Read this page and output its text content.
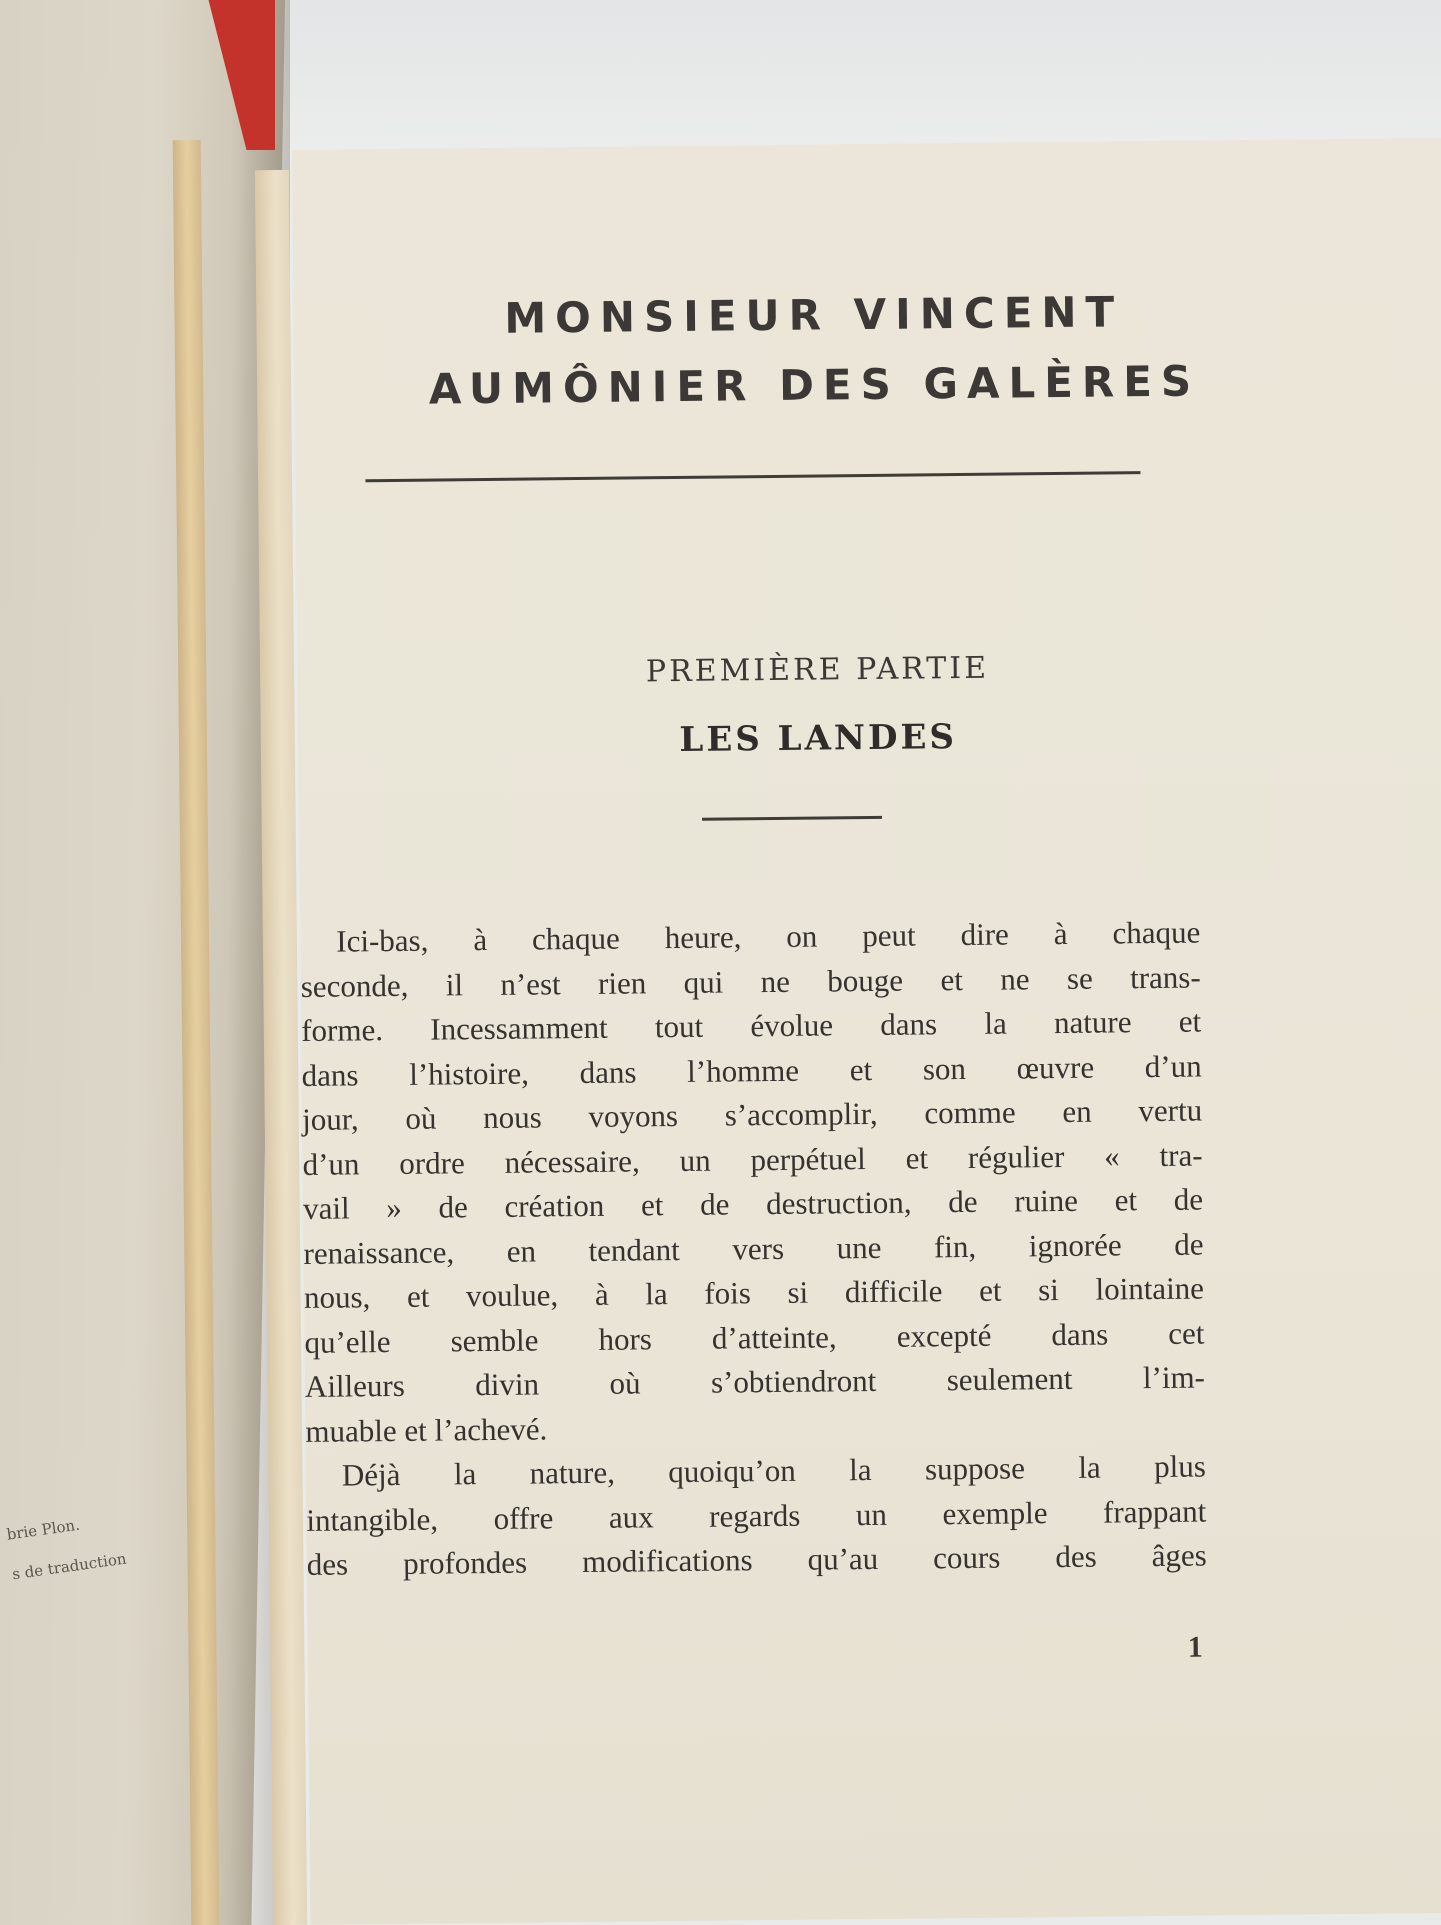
brie Plon.
s de traduction

MONSIEUR VINCENT

AUMÔNIER DES GALÈRES

PREMIÈRE PARTIE
LES LANDES
Ici-bas, à chaque heure, on peut dire à chaque
seconde, il n’est rien qui ne bouge et ne se trans-
forme. Incessamment tout évolue dans la nature et
dans l’histoire, dans l’homme et son œuvre d’un
jour, où nous voyons s’accomplir, comme en vertu
d’un ordre nécessaire, un perpétuel et régulier « tra-
vail » de création et de destruction, de ruine et de
renaissance, en tendant vers une fin, ignorée de
nous, et voulue, à la fois si difficile et si lointaine
qu’elle semble hors d’atteinte, excepté dans cet
Ailleurs divin où s’obtiendront seulement l’im-
muable et l’achevé.
Déjà la nature, quoiqu’on la suppose la plus
intangible, offre aux regards un exemple frappant
des profondes modifications qu’au cours des âges
1
